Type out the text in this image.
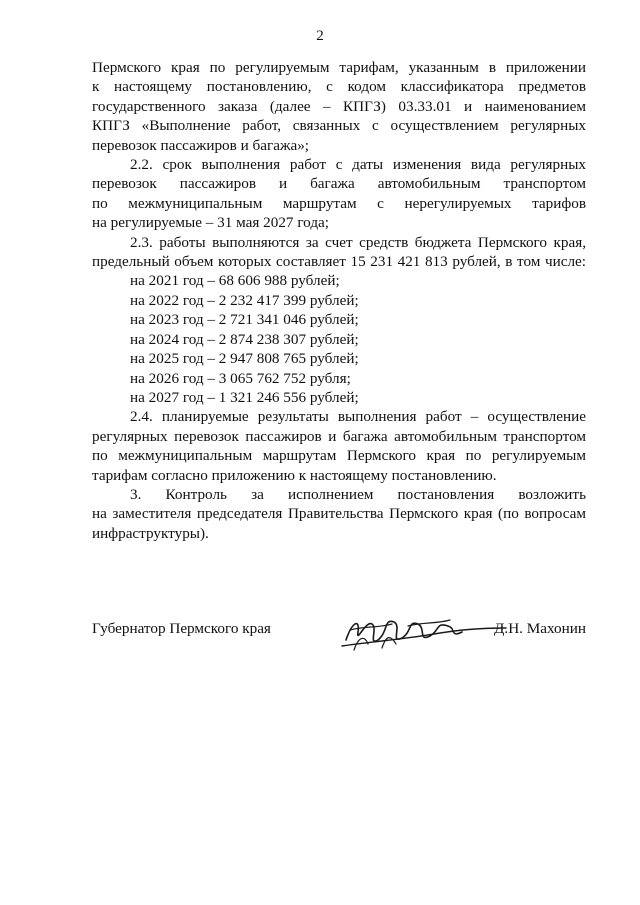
2

Пермского края по регулируемым тарифам, указанным в приложении

к настоящему постановлению, с кодом классификатора предметов

государственного заказа (далее – КПГЗ) 03.33.01 и наименованием

КПГЗ «Выполнение работ, связанных с осуществлением регулярных

перевозок пассажиров и багажа»;

2.2. срок выполнения работ с даты изменения вида регулярных

перевозок пассажиров и багажа автомобильным транспортом

по межмуниципальным маршрутам с нерегулируемых тарифов

на регулируемые – 31 мая 2027 года;

2.3. работы выполняются за счет средств бюджета Пермского края,

предельный объем которых составляет 15 231 421 813 рублей, в том числе:

на 2021 год – 68 606 988 рублей;

на 2022 год – 2 232 417 399 рублей;

на 2023 год – 2 721 341 046 рублей;

на 2024 год – 2 874 238 307 рублей;

на 2025 год – 2 947 808 765 рублей;

на 2026 год – 3 065 762 752 рубля;

на 2027 год – 1 321 246 556 рублей;

2.4. планируемые результаты выполнения работ – осуществление

регулярных перевозок пассажиров и багажа автомобильным транспортом

по межмуниципальным маршрутам Пермского края по регулируемым

тарифам согласно приложению к настоящему постановлению.

3. Контроль за исполнением постановления возложить

на заместителя председателя Правительства Пермского края (по вопросам

инфраструктуры).

Губернатор Пермского края	Д.Н. Махонин
